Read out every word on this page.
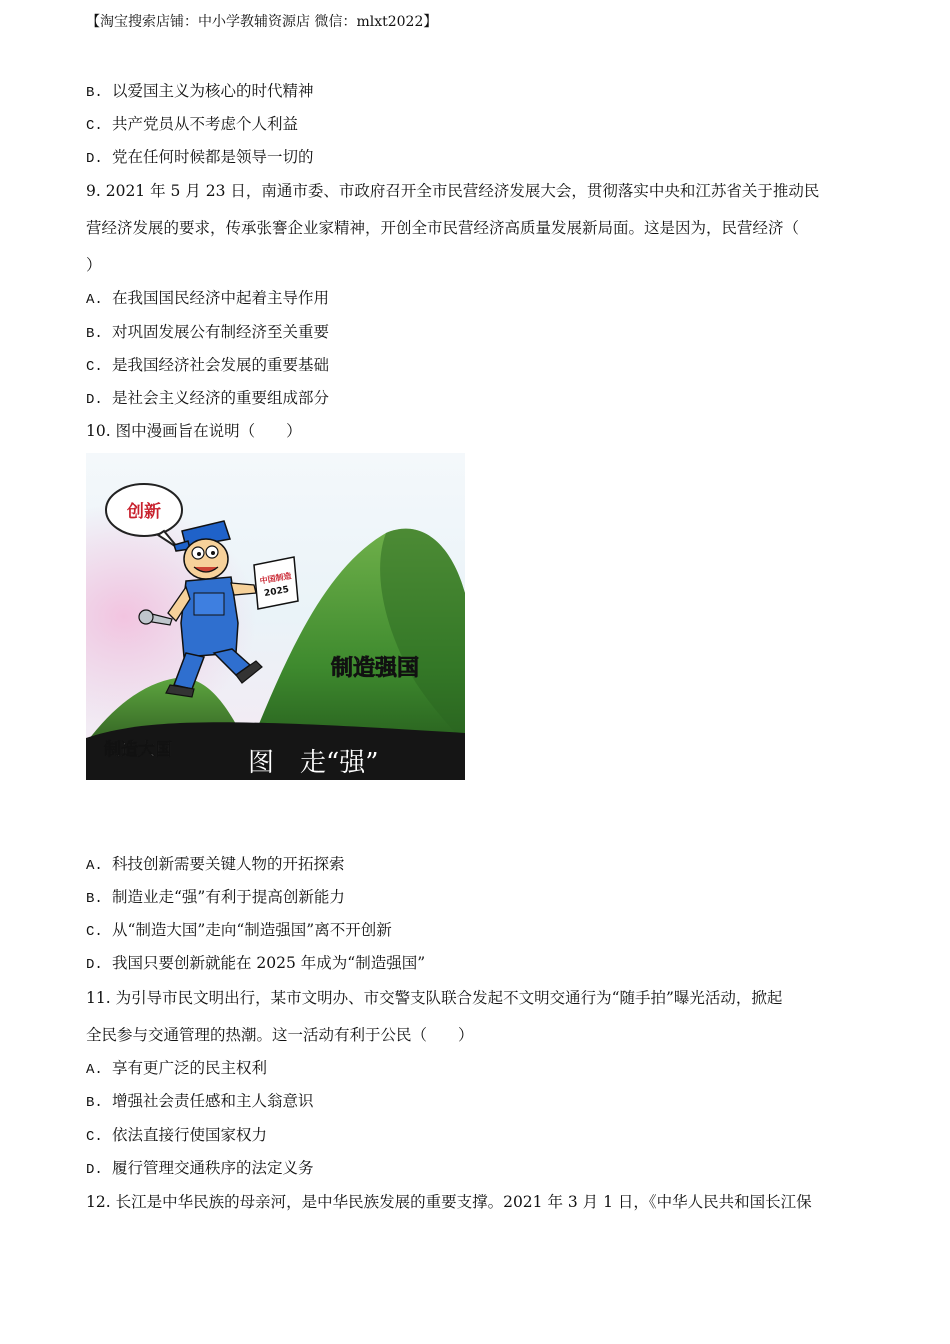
【淘宝搜索店铺：中小学教辅资源店 微信：mlxt2022】
B. 以爱国主义为核心的时代精神
C. 共产党员从不考虑个人利益
D. 党在任何时候都是领导一切的
9. 2021 年 5 月 23 日，南通市委、市政府召开全市民营经济发展大会，贯彻落实中央和江苏省关于推动民
营经济发展的要求，传承张謇企业家精神，开创全市民营经济高质量发展新局面。这是因为，民营经济（
）
A. 在我国国民经济中起着主导作用
B. 对巩固发展公有制经济至关重要
C. 是我国经济社会发展的重要基础
D. 是社会主义经济的重要组成部分
10. 图中漫画旨在说明（　　）
创新
中国制造
2025
制造强国
制造大国	图　走“强”
A. 科技创新需要关键人物的开拓探索
B. 制造业走“强”有利于提高创新能力
C. 从“制造大国”走向“制造强国”离不开创新
D. 我国只要创新就能在 2025 年成为“制造强国”
11. 为引导市民文明出行，某市文明办、市交警支队联合发起不文明交通行为“随手拍”曝光活动，掀起
全民参与交通管理的热潮。这一活动有利于公民（　　）
A. 享有更广泛的民主权利
B. 增强社会责任感和主人翁意识
C. 依法直接行使国家权力
D. 履行管理交通秩序的法定义务
12. 长江是中华民族的母亲河，是中华民族发展的重要支撑。2021 年 3 月 1 日，《中华人民共和国长江保
